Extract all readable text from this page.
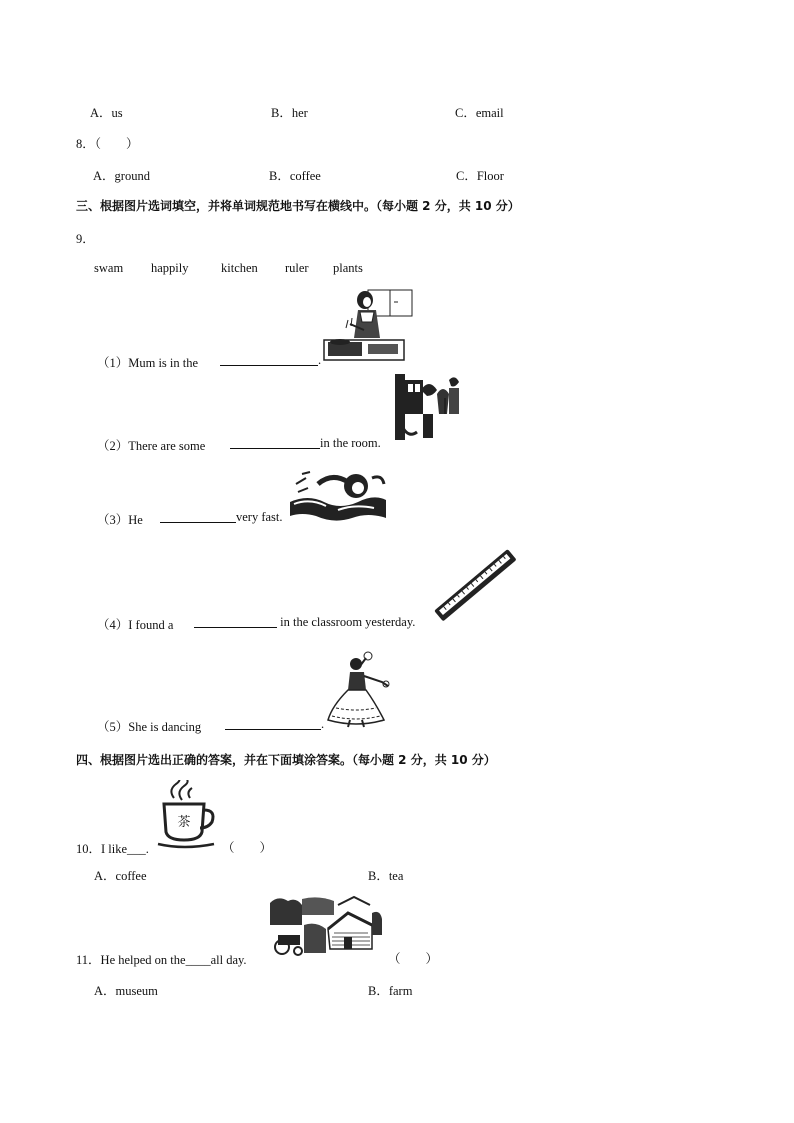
A．us	B．her	C．email
8．（　　）
A．ground	B．coffee	C．Floor
三、根据图片选词填空，并将单词规范地书写在横线中。（每小题 2 分，共 10 分）
9．
swam happily	kitchen ruler plants
（1）Mum is in the	.
（2）There are some	in the room.
（3）He	very fast.
（4）I found a	in the classroom yesterday.
（5）She is dancing	.
四、根据图片选出正确的答案，并在下面填涂答案。（每小题 2 分，共 10 分）
茶
10．I like___.	（　　）
A．coffee	B．tea
11．He helped on the____all day.	（　　）
A．museum	B．farm
